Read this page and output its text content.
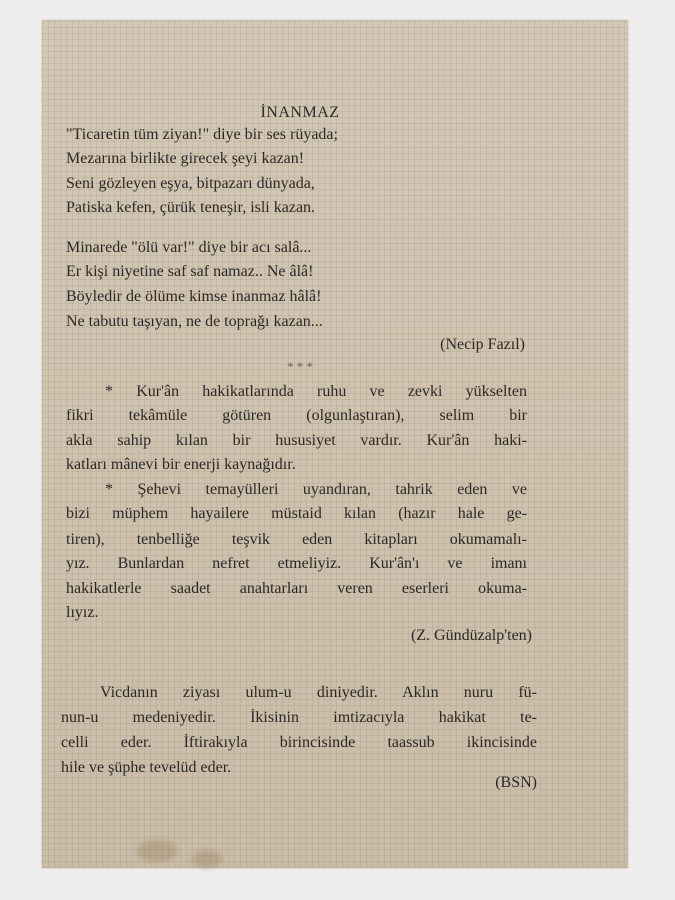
İNANMAZ
"Ticaretin tüm ziyan!" diye bir ses rüyada;
Mezarına birlikte girecek şeyi kazan!
Seni gözleyen eşya, bitpazarı dünyada,
Patiska kefen, çürük teneşir, isli kazan.
Minarede "ölü var!" diye bir acı salâ...
Er kişi niyetine saf saf namaz.. Ne âlâ!
Böyledir de ölüme kimse inanmaz hâlâ!
Ne tabutu taşıyan, ne de toprağı kazan...
(Necip Fazıl)
* * *
* Kur'ân hakikatlarında ruhu ve zevki yükselten
fikri tekâmüle götüren (olgunlaştıran), selim bir
akla sahip kılan bir hususiyet vardır. Kur'ân haki-
katları mânevi bir enerji kaynağıdır.
* Şehevi temayülleri uyandıran, tahrik eden ve
bizi müphem hayailere müstaid kılan (hazır hale ge-
tiren), tenbelliğe teşvik eden kitapları okumamalı-
yız. Bunlardan nefret etmeliyiz. Kur'ân'ı ve imanı
hakikatlerle saadet anahtarları veren eserleri okuma-
lıyız.
(Z. Gündüzalp'ten)
Vicdanın ziyası ulum-u diniyedir. Aklın nuru fü-
nun-u medeniyedir. İkisinin imtizacıyla hakikat te-
celli eder. İftirakıyla birincisinde taassub ikincisinde
hile ve şüphe tevelüd eder.
(BSN)
